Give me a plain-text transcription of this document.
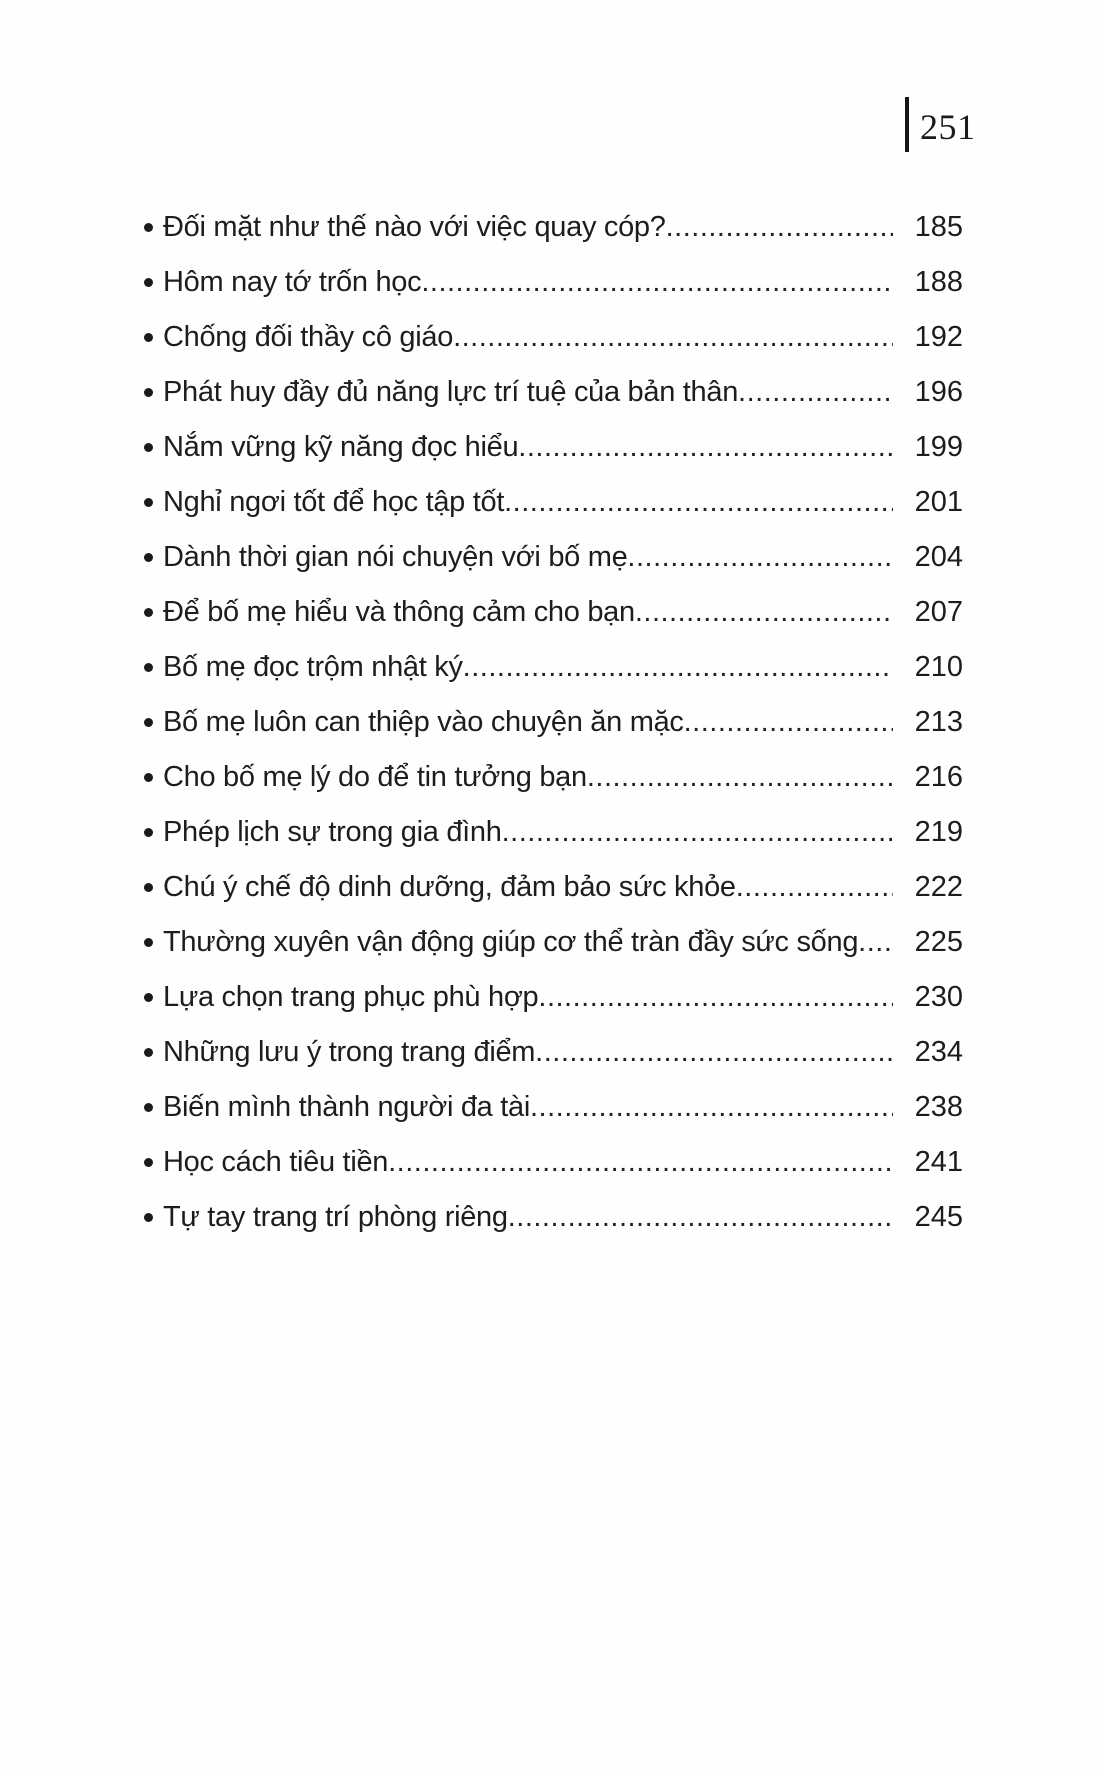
251
Đối mặt như thế nào với việc quay cóp? .....	185
Hôm nay tớ trốn học .....	188
Chống đối thầy cô giáo .....	192
Phát huy đầy đủ năng lực trí tuệ của bản thân .....	196
Nắm vững kỹ năng đọc hiểu .....	199
Nghỉ ngơi tốt để học tập tốt .....	201
Dành thời gian nói chuyện với bố mẹ .....	204
Để bố mẹ hiểu và thông cảm cho bạn .....	207
Bố mẹ đọc trộm nhật ký .....	210
Bố mẹ luôn can thiệp vào chuyện ăn mặc .....	213
Cho bố mẹ lý do để tin tưởng bạn .....	216
Phép lịch sự trong gia đình .....	219
Chú ý chế độ dinh dưỡng, đảm bảo sức khỏe .....	222
Thường xuyên vận động giúp cơ thể tràn đầy sức sống .....	225
Lựa chọn trang phục phù hợp .....	230
Những lưu ý trong trang điểm .....	234
Biến mình thành người đa tài .....	238
Học cách tiêu tiền .....	241
Tự tay trang trí phòng riêng .....	245
